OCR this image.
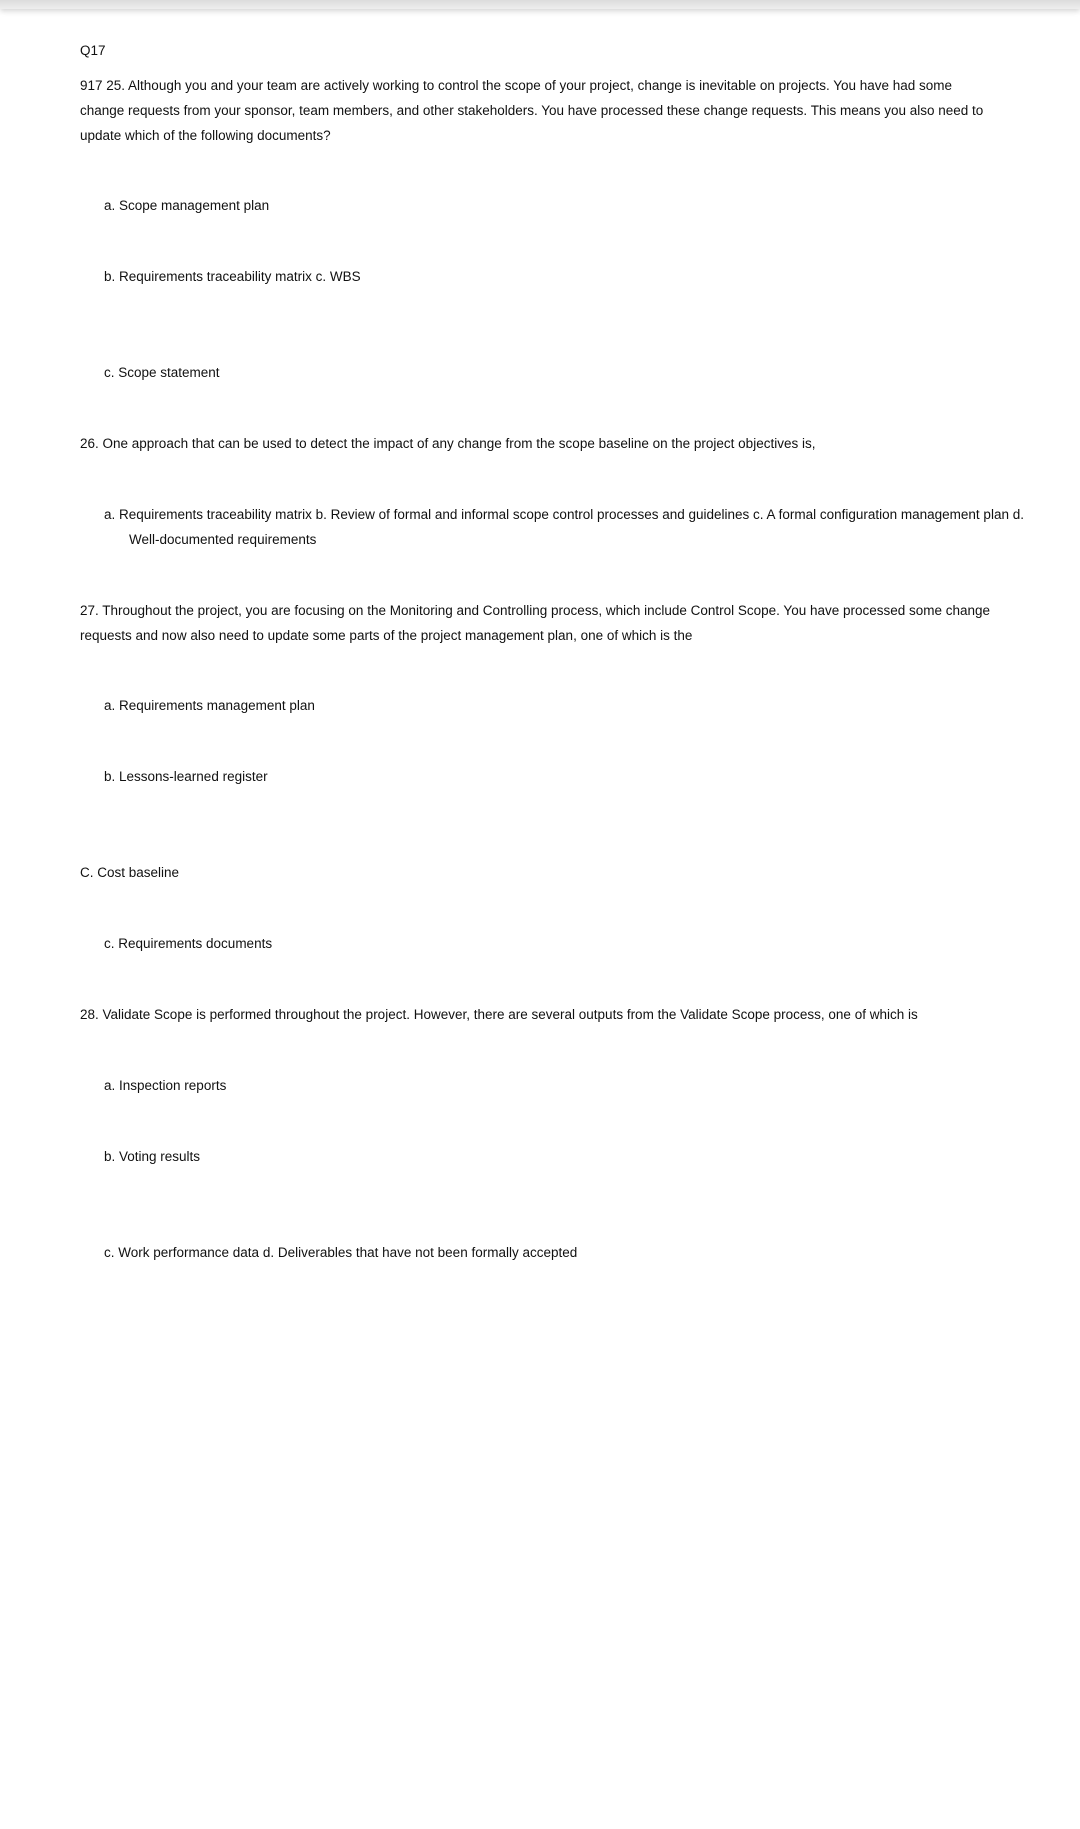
Q17

917 25. Although you and your team are actively working to control the scope of your project, change is inevitable on projects. You have had some change requests from your sponsor, team members, and other stakeholders. You have processed these change requests. This means you also need to update which of the following documents?

a. Scope management plan

b. Requirements traceability matrix c. WBS

c. Scope statement

26. One approach that can be used to detect the impact of any change from the scope baseline on the project objectives is,

a. Requirements traceability matrix b. Review of formal and informal scope control processes and guidelines c. A formal configuration management plan d. Well-documented requirements

27. Throughout the project, you are focusing on the Monitoring and Controlling process, which include Control Scope. You have processed some change requests and now also need to update some parts of the project management plan, one of which is the

a. Requirements management plan

b. Lessons-learned register

C. Cost baseline

c. Requirements documents

28. Validate Scope is performed throughout the project. However, there are several outputs from the Validate Scope process, one of which is

a. Inspection reports

b. Voting results

c. Work performance data d. Deliverables that have not been formally accepted
